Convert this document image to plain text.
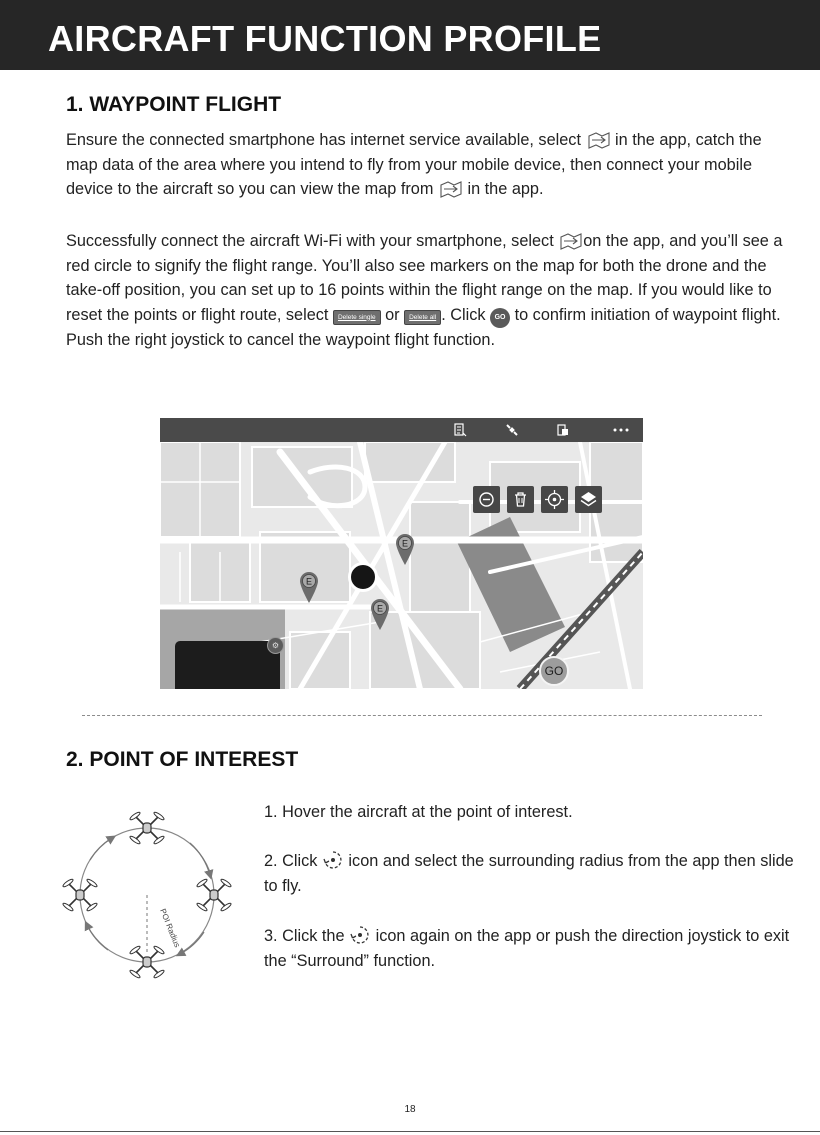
AIRCRAFT FUNCTION PROFILE
1. WAYPOINT FLIGHT

Ensure the connected smartphone has internet service available, select  in the app, catch the map data of the area where you intend to fly from your mobile device, then connect your mobile device to the aircraft so you can view the map from  in the app.

Successfully connect the aircraft Wi-Fi with your smartphone, select on the app, and you’ll see a red circle to signify the flight range. You’ll also see markers on the map for both the drone and the take-off position, you can set up to 16 points within the flight range on the map. If you would like to reset the points or flight route, select Delete single or Delete all . Click GO to confirm initiation of waypoint flight. Push the right joystick to cancel the waypoint flight function.

E
E
E
⚙
GO
2. POINT OF INTEREST
POI Radius

1. Hover the aircraft at the point of interest.

2. Click  icon and select the surrounding radius from the app then slide to fly.

3. Click the  icon again on the app or push the direction joystick to exit the “Surround” function.

18
